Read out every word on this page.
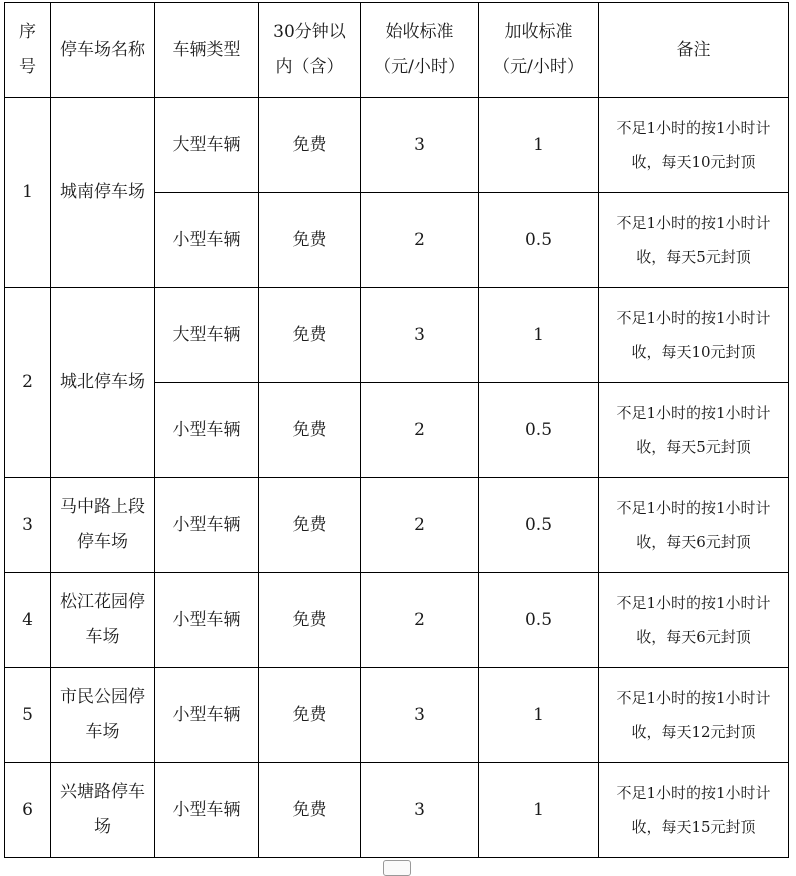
序号	停车场名称	车辆类型	30分钟以内（含）	始收标准（元/小时）	加收标准（元/小时）	备注
1	城南停车场	大型车辆	免费	3	1	不足1小时的按1小时计收，每天10元封顶
		小型车辆	免费	2	0.5	不足1小时的按1小时计收，每天5元封顶
2	城北停车场	大型车辆	免费	3	1	不足1小时的按1小时计收，每天10元封顶
		小型车辆	免费	2	0.5	不足1小时的按1小时计收，每天5元封顶
3	马中路上段停车场	小型车辆	免费	2	0.5	不足1小时的按1小时计收，每天6元封顶
4	松江花园停车场	小型车辆	免费	2	0.5	不足1小时的按1小时计收，每天6元封顶
5	市民公园停车场	小型车辆	免费	3	1	不足1小时的按1小时计收，每天12元封顶
6	兴塘路停车场	小型车辆	免费	3	1	不足1小时的按1小时计收，每天15元封顶
